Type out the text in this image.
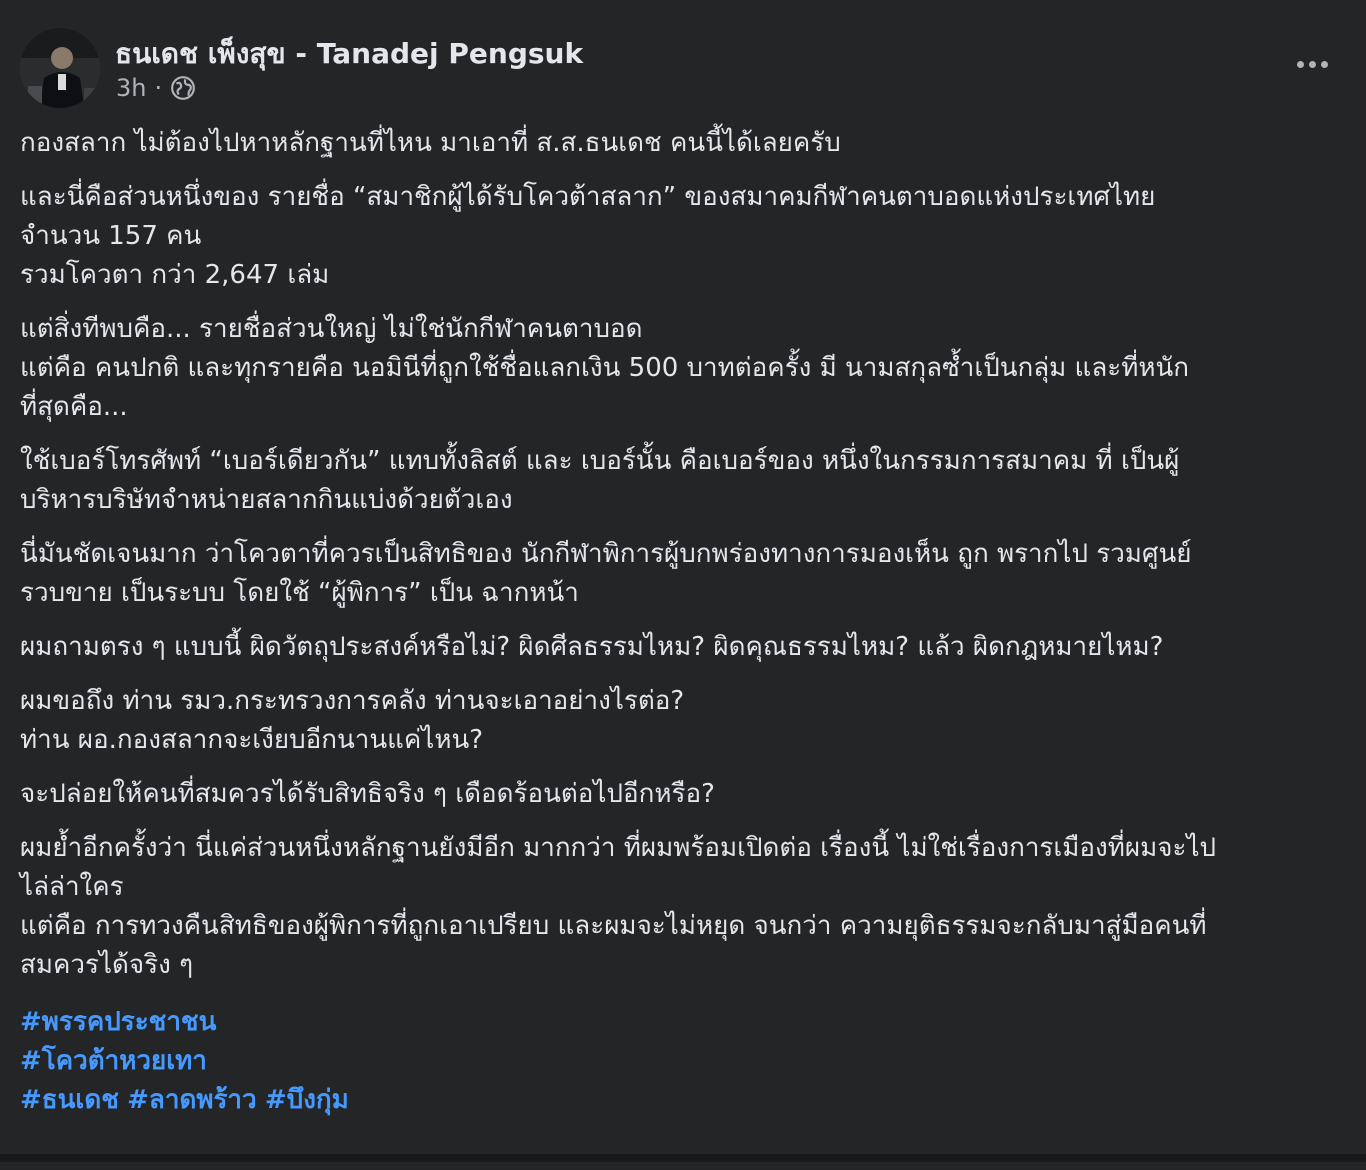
ธนเดช เพ็งสุข - Tanadej Pengsuk
3h ·
กองสลาก ไม่ต้องไปหาหลักฐานที่ไหน มาเอาที่ ส.ส.ธนเดช คนนี้ได้เลยครับ
และนี่คือส่วนหนึ่งของ รายชื่อ “สมาชิกผู้ได้รับโควต้าสลาก” ของสมาคมกีฬาคนตาบอดแห่งประเทศไทย
จำนวน 157 คน
รวมโควตา กว่า 2,647 เล่ม
แต่สิ่งทีพบคือ... รายชื่อส่วนใหญ่ ไม่ใช่นักกีฬาคนตาบอด
แต่คือ คนปกติ และทุกรายคือ นอมินีที่ถูกใช้ชื่อแลกเงิน 500 บาทต่อครั้ง มี นามสกุลซ้ำเป็นกลุ่ม และที่หนัก
ที่สุดคือ...
ใช้เบอร์โทรศัพท์ “เบอร์เดียวกัน” แทบทั้งลิสต์ และ เบอร์นั้น คือเบอร์ของ หนึ่งในกรรมการสมาคม ที่ เป็นผู้
บริหารบริษัทจำหน่ายสลากกินแบ่งด้วยตัวเอง
นี่มันชัดเจนมาก ว่าโควตาที่ควรเป็นสิทธิของ นักกีฬาพิการผู้บกพร่องทางการมองเห็น ถูก พรากไป รวมศูนย์
รวบขาย เป็นระบบ โดยใช้ “ผู้พิการ” เป็น ฉากหน้า
ผมถามตรง ๆ แบบนี้ ผิดวัตถุประสงค์หรือไม่? ผิดศีลธรรมไหม? ผิดคุณธรรมไหม? แล้ว ผิดกฎหมายไหม?
ผมขอถึง ท่าน รมว.กระทรวงการคลัง ท่านจะเอาอย่างไรต่อ?
ท่าน ผอ.กองสลากจะเงียบอีกนานแค่ไหน?
จะปล่อยให้คนที่สมควรได้รับสิทธิจริง ๆ เดือดร้อนต่อไปอีกหรือ?
ผมย้ำอีกครั้งว่า นี่แค่ส่วนหนึ่งหลักฐานยังมีอีก มากกว่า ที่ผมพร้อมเปิดต่อ เรื่องนี้ ไม่ใช่เรื่องการเมืองที่ผมจะไป
ไล่ล่าใคร
แต่คือ การทวงคืนสิทธิของผู้พิการที่ถูกเอาเปรียบ และผมจะไม่หยุด จนกว่า ความยุติธรรมจะกลับมาสู่มือคนที่
สมควรได้จริง ๆ
#พรรคประชาชน
#โควต้าหวยเทา
#ธนเดช #ลาดพร้าว #บึงกุ่ม
